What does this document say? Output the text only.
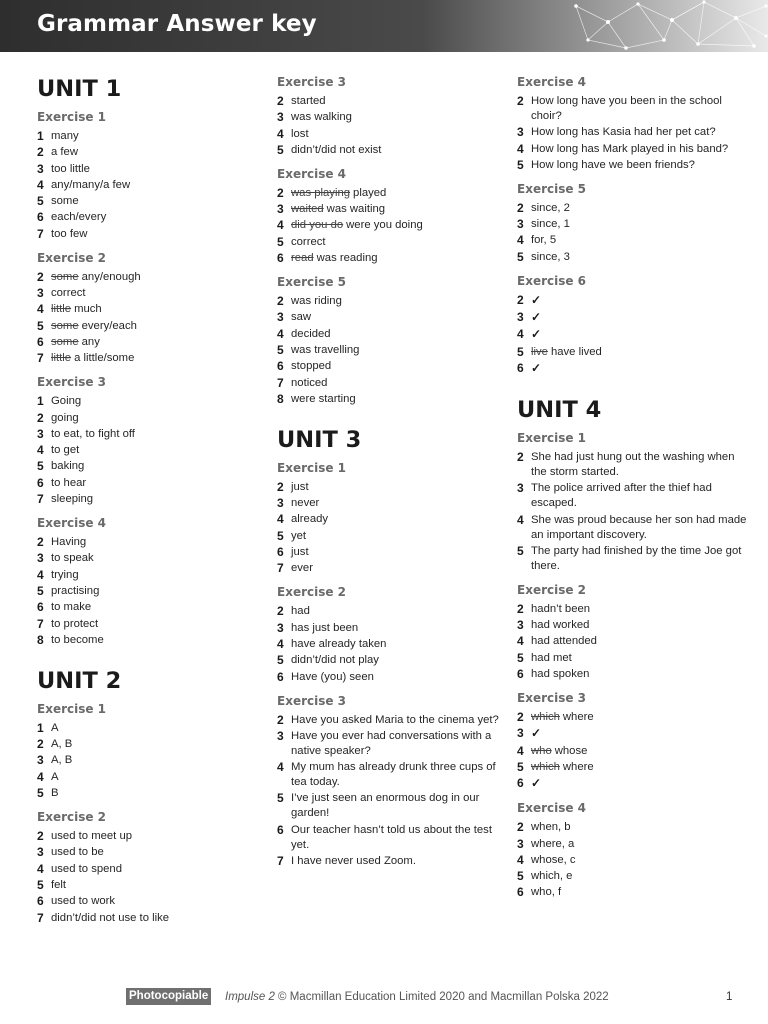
Grammar Answer key
UNIT 1
Exercise 1
1 many
2 a few
3 too little
4 any/many/a few
5 some
6 each/every
7 too few
Exercise 2
2 some any/enough
3 correct
4 little much
5 some every/each
6 some any
7 little a little/some
Exercise 3
1 Going
2 going
3 to eat, to fight off
4 to get
5 baking
6 to hear
7 sleeping
Exercise 4
2 Having
3 to speak
4 trying
5 practising
6 to make
7 to protect
8 to become
UNIT 2
Exercise 1
1 A
2 A, B
3 A, B
4 A
5 B
Exercise 2
2 used to meet up
3 used to be
4 used to spend
5 felt
6 used to work
7 didn’t/did not use to like
Exercise 3
2 started
3 was walking
4 lost
5 didn’t/did not exist
Exercise 4
2 was playing played
3 waited was waiting
4 did you do were you doing
5 correct
6 read was reading
Exercise 5
2 was riding
3 saw
4 decided
5 was travelling
6 stopped
7 noticed
8 were starting
UNIT 3
Exercise 1
2 just
3 never
4 already
5 yet
6 just
7 ever
Exercise 2
2 had
3 has just been
4 have already taken
5 didn’t/did not play
6 Have (you) seen
Exercise 3
2 Have you asked Maria to the cinema yet?
3 Have you ever had conversations with a native speaker?
4 My mum has already drunk three cups of tea today.
5 I’ve just seen an enormous dog in our garden!
6 Our teacher hasn’t told us about the test yet.
7 I have never used Zoom.
Exercise 4
2 How long have you been in the school choir?
3 How long has Kasia had her pet cat?
4 How long has Mark played in his band?
5 How long have we been friends?
Exercise 5
2 since, 2
3 since, 1
4 for, 5
5 since, 3
Exercise 6
2 ✓
3 ✓
4 ✓
5 live have lived
6 ✓
UNIT 4
Exercise 1
2 She had just hung out the washing when the storm started.
3 The police arrived after the thief had escaped.
4 She was proud because her son had made an important discovery.
5 The party had finished by the time Joe got there.
Exercise 2
2 hadn’t been
3 had worked
4 had attended
5 had met
6 had spoken
Exercise 3
2 which where
3 ✓
4 who whose
5 which where
6 ✓
Exercise 4
2 when, b
3 where, a
4 whose, c
5 which, e
6 who, f
Photocopiable Impulse 2 © Macmillan Education Limited 2020 and Macmillan Polska 2022	1
